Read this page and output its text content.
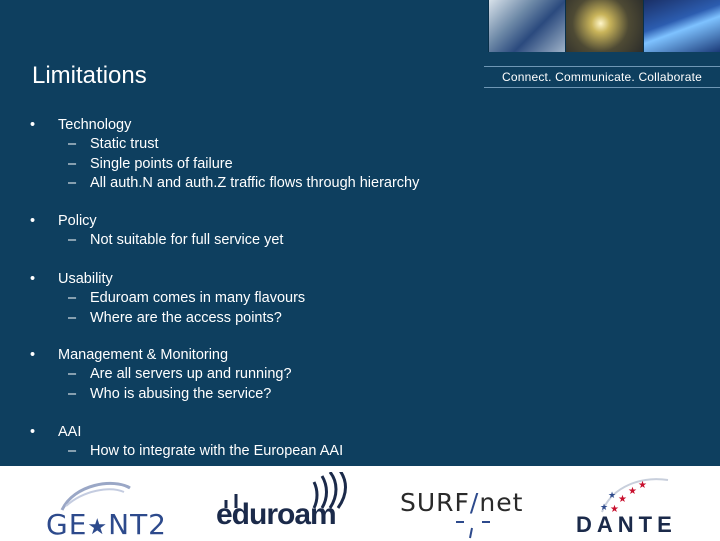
Limitations	Connect. Communicate. Collaborate
• Technology
– Static trust
– Single points of failure
– All auth.N and auth.Z traffic flows through hierarchy
• Policy
– Not suitable for full service yet
• Usability
– Eduroam comes in many flavours
– Where are the access points?
• Management & Monitoring
– Are all servers up and running?
– Who is abusing the service?
• AAI
– How to integrate with the European AAI
GE★NT2 eduroam	SURF/net	★
★
★
★
★
★
DANTE
